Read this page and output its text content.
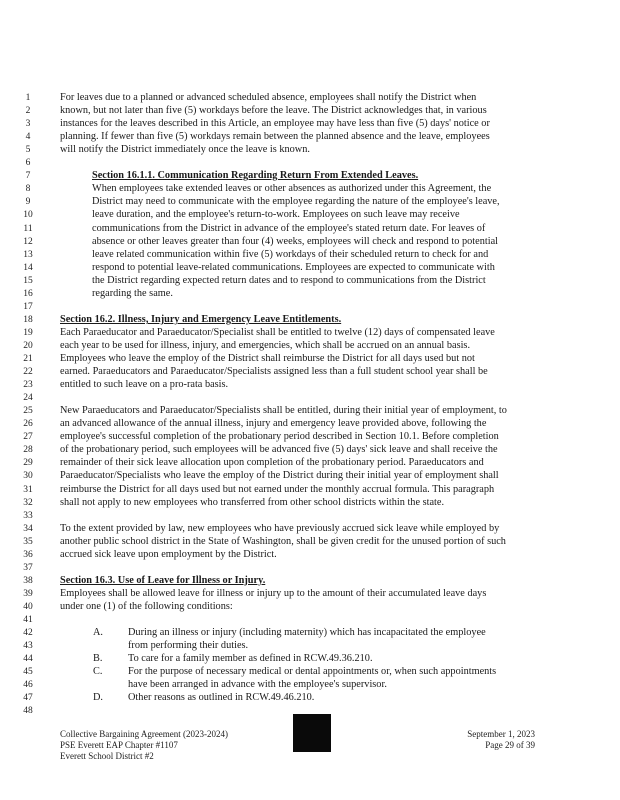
1
2
3
4
5
6
7
8
9
10
11
12
13
14
15
16
17
18
19
20
21
22
23
24
25
26
27
28
29
30
31
32
33
34
35
36
37
38
39
40
41
42
43
44
45
46
47
48
For leaves due to a planned or advanced scheduled absence, employees shall notify the District when
known, but not later than five (5) workdays before the leave. The District acknowledges that, in various
instances for the leaves described in this Article, an employee may have less than five (5) days' notice or
planning. If fewer than five (5) workdays remain between the planned absence and the leave, employees
will notify the District immediately once the leave is known.
Section 16.1.1. Communication Regarding Return From Extended Leaves.
When employees take extended leaves or other absences as authorized under this Agreement, the
District may need to communicate with the employee regarding the nature of the employee's leave,
leave duration, and the employee's return-to-work. Employees on such leave may receive
communications from the District in advance of the employee's stated return date. For leaves of
absence or other leaves greater than four (4) weeks, employees will check and respond to potential
leave related communication within five (5) workdays of their scheduled return to check for and
respond to potential leave-related communications. Employees are expected to communicate with
the District regarding expected return dates and to respond to communications from the District
regarding the same.
Section 16.2. Illness, Injury and Emergency Leave Entitlements.
Each Paraeducator and Paraeducator/Specialist shall be entitled to twelve (12) days of compensated leave
each year to be used for illness, injury, and emergencies, which shall be accrued on an annual basis.
Employees who leave the employ of the District shall reimburse the District for all days used but not
earned. Paraeducators and Paraeducator/Specialists assigned less than a full student school year shall be
entitled to such leave on a pro-rata basis.
New Paraeducators and Paraeducator/Specialists shall be entitled, during their initial year of employment, to
an advanced allowance of the annual illness, injury and emergency leave provided above, following the
employee's successful completion of the probationary period described in Section 10.1. Before completion
of the probationary period, such employees will be advanced five (5) days' sick leave and shall receive the
remainder of their sick leave allocation upon completion of the probationary period. Paraeducators and
Paraeducator/Specialists who leave the employ of the District during their initial year of employment shall
reimburse the District for all days used but not earned under the monthly accrual formula. This paragraph
shall not apply to new employees who transferred from other school districts within the state.
To the extent provided by law, new employees who have previously accrued sick leave while employed by
another public school district in the State of Washington, shall be given credit for the unused portion of such
accrued sick leave upon employment by the District.
Section 16.3. Use of Leave for Illness or Injury.
Employees shall be allowed leave for illness or injury up to the amount of their accumulated leave days
under one (1) of the following conditions:
During an illness or injury (including maternity) which has incapacitated the employee
A.
from performing their duties.
To care for a family member as defined in RCW.49.36.210.
B.
For the purpose of necessary medical or dental appointments or, when such appointments
C.
have been arranged in advance with the employee's supervisor.
Other reasons as outlined in RCW.49.46.210.
D.
Collective Bargaining Agreement (2023-2024)
PSE Everett EAP Chapter #1107
Everett School District #2
September 1, 2023
Page 29 of 39
